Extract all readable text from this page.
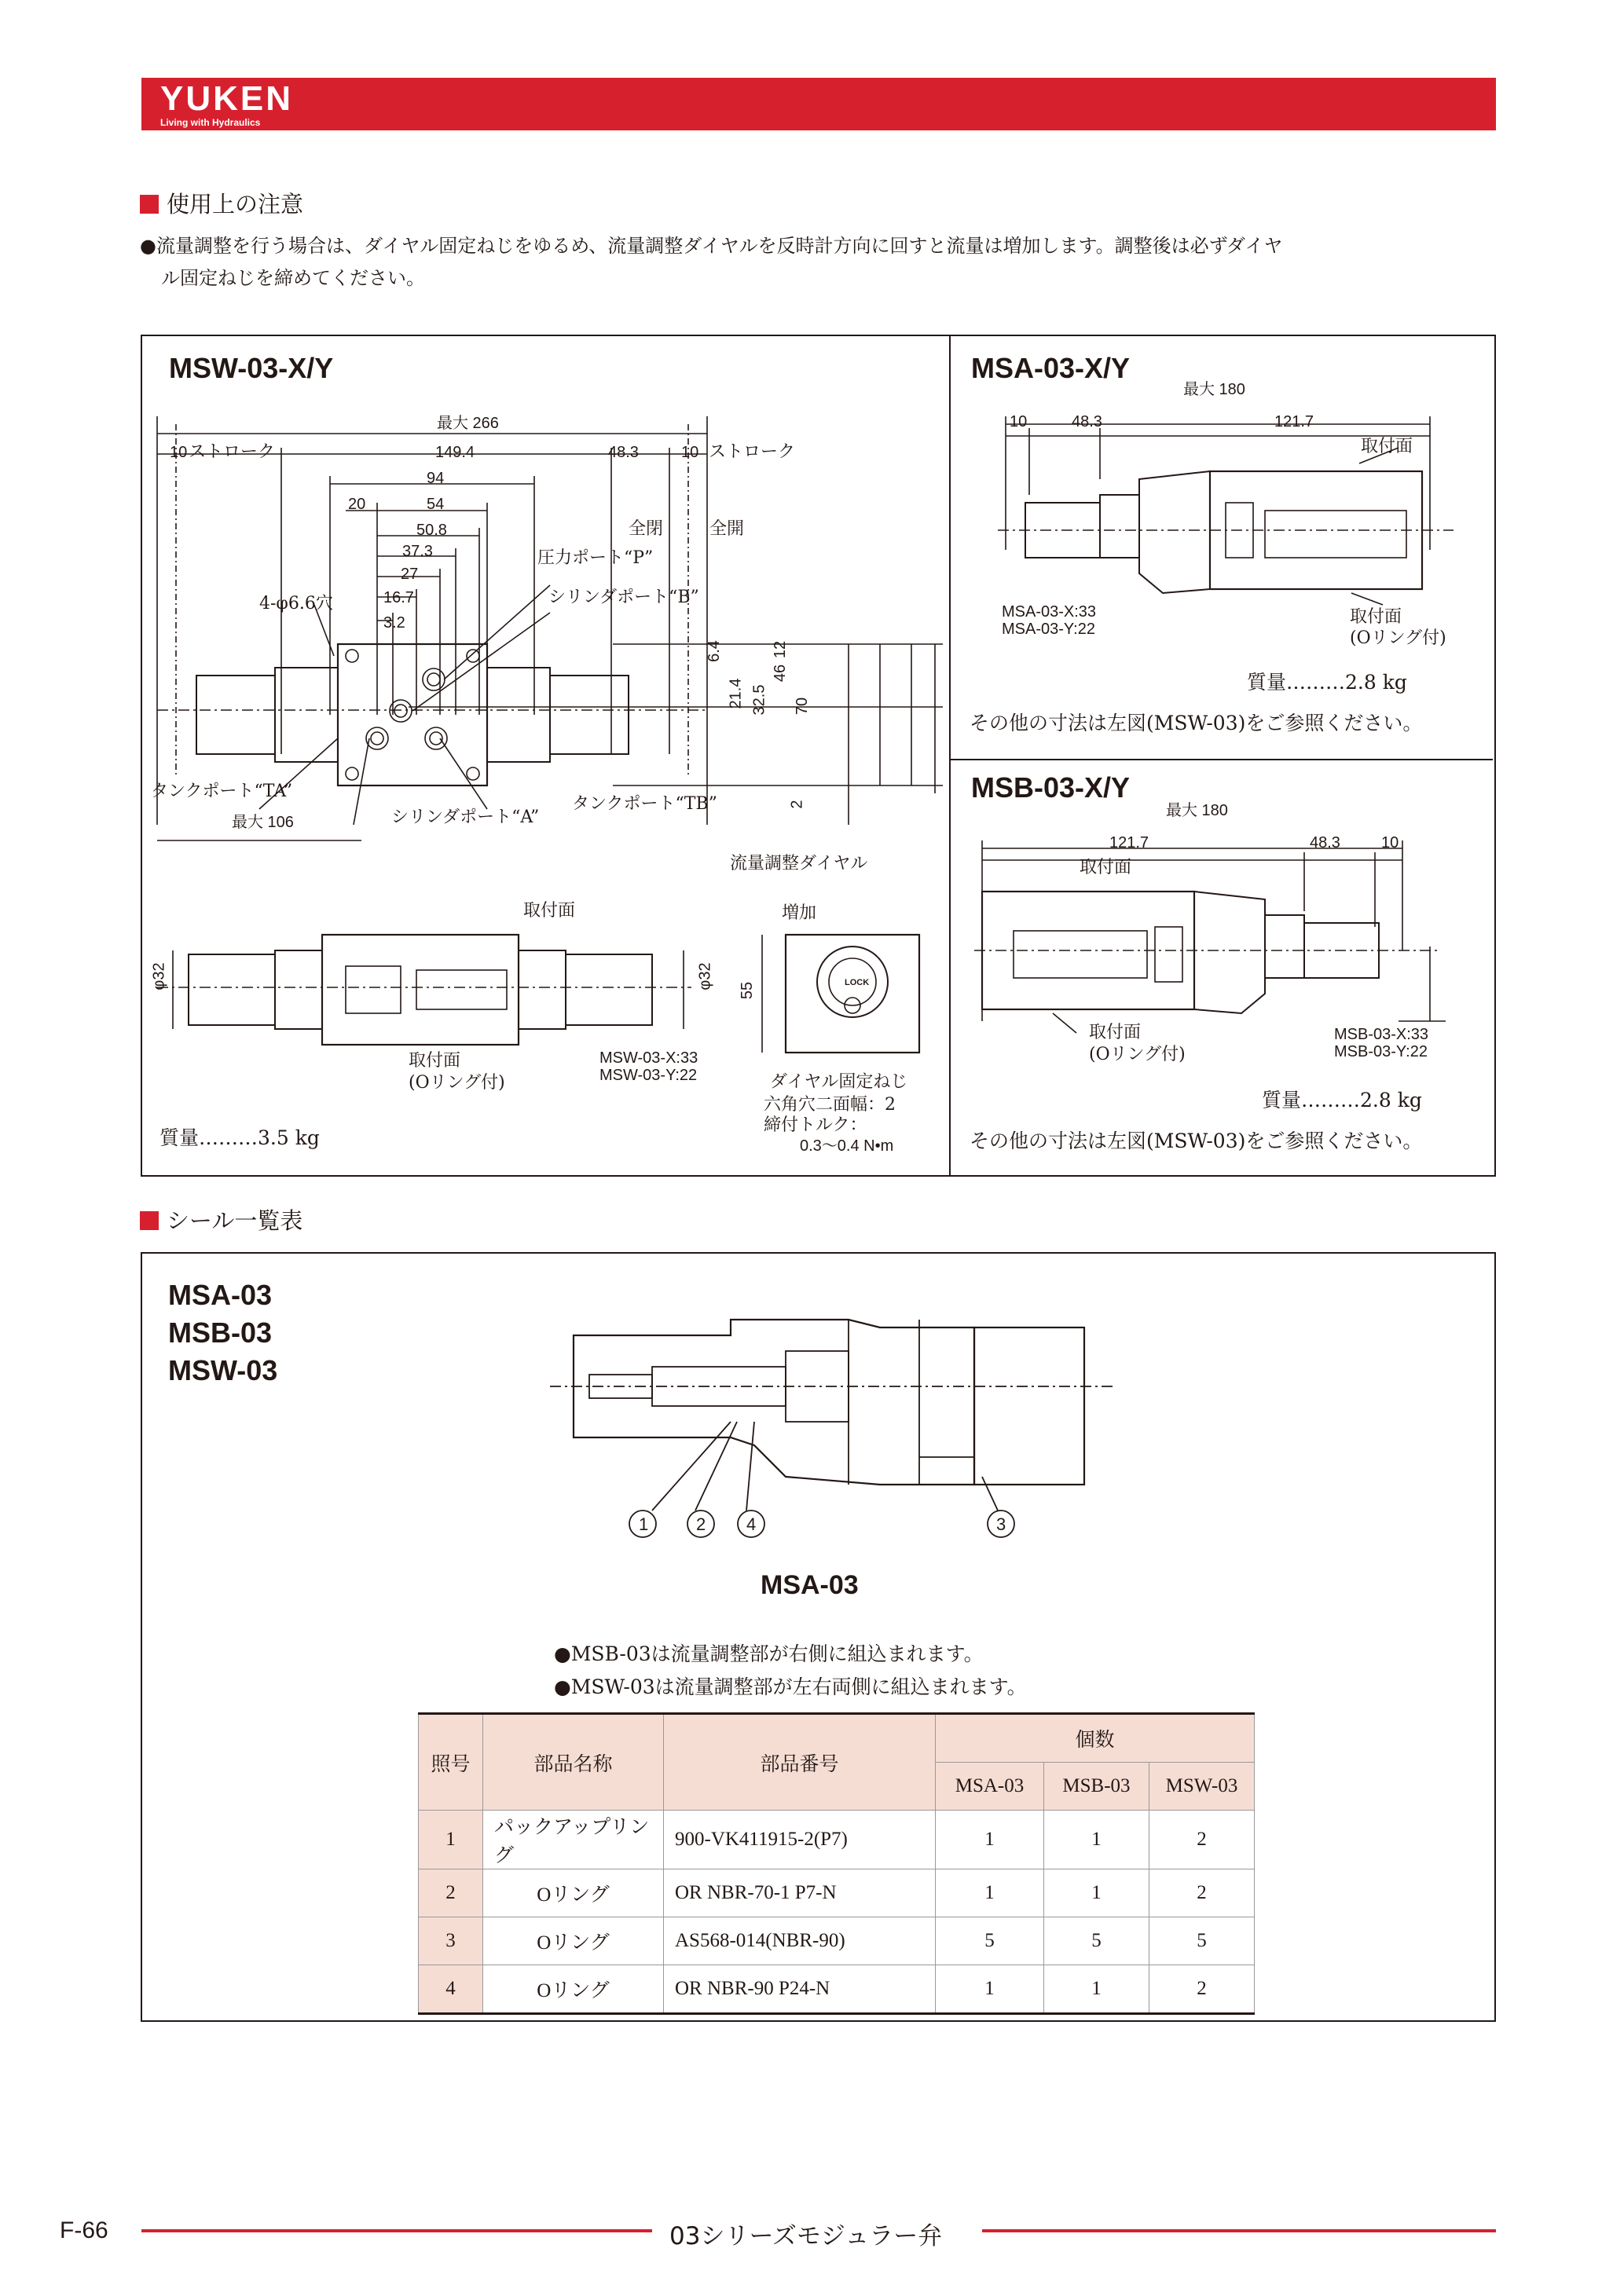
YUKEN
Living with Hydraulics
使用上の注意
●流量調整を行う場合は、ダイヤル固定ねじをゆるめ、流量調整ダイヤルを反時計方向に回すと流量は増加します。調整後は必ずダイヤ
ル固定ねじを締めてください。
MSW-03-X/Y
最大 266
10 ストローク	149.4	48.3	10 ストローク
94
20	54
50.8
37.3
27
16.7
3.2
4-φ6.6穴
全閉	全開
圧力ポート“P”
シリンダポート“B”
6.4
21.4 32.5
46
12
70
2
タンクポート“TA”
シリンダポート“A”
タンクポート“TB”
最大 106
流量調整ダイヤル
増加
取付面
φ32	φ32
55	LOCK
取付面
(Oリング付)
MSW-03-X:33
MSW-03-Y:22	ダイヤル固定ねじ
六角穴二面幅：2
締付トルク：
0.3～0.4 N•m
質量………3.5 kg
MSA-03-X/Y
最大 180
10	48.3	121.7
取付面
MSA-03-X:33
MSA-03-Y:22
取付面
(Oリング付)
質量………2.8 kg
その他の寸法は左図(MSW-03)をご参照ください。
MSB-03-X/Y
最大 180
121.7	48.3	10
取付面
取付面
(Oリング付)
MSB-03-X:33
MSB-03-Y:22
質量………2.8 kg
その他の寸法は左図(MSW-03)をご参照ください。
シール一覧表
MSA-03
MSB-03
MSW-03
1	2 4	3
MSA-03
●MSB-03は流量調整部が右側に組込まれます。
●MSW-03は流量調整部が左右両側に組込まれます。
照号	部品名称	部品番号	個数		
			MSA-03	MSB-03	MSW-03
1	パックアップリング	900-VK411915-2(P7)	1	1	2
2	Oリング	OR NBR-70-1 P7-N	1	1	2
3	Oリング	AS568-014(NBR-90)	5	5	5
4	Oリング	OR NBR-90 P24-N	1	1	2
F-66	03シリーズモジュラー弁
